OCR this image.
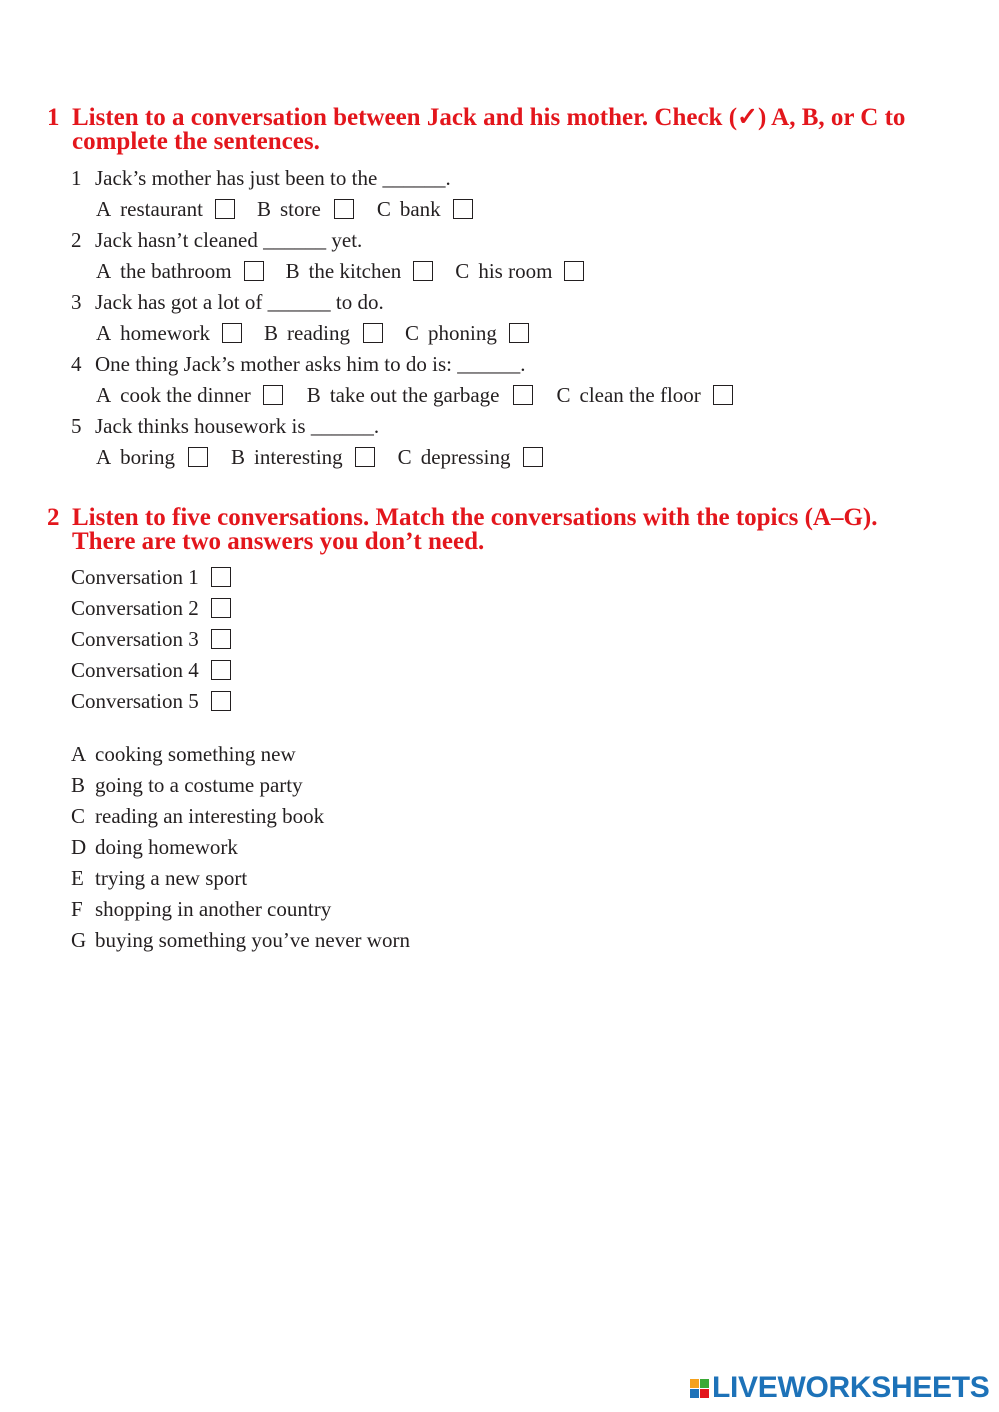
1 Listen to a conversation between Jack and his mother. Check (✓) A, B, or C to complete the sentences.
1 Jack’s mother has just been to the ______.
A restaurant	B store	C bank
2 Jack hasn’t cleaned ______ yet.
A the bathroom	B the kitchen	C his room
3 Jack has got a lot of ______ to do.
A homework	B reading	C phoning
4 One thing Jack’s mother asks him to do is: ______.
A cook the dinner	B take out the garbage	C clean the floor
5 Jack thinks housework is ______.
A boring	B interesting	C depressing
2 Listen to five conversations. Match the conversations with the topics (A–G). There are two answers you don’t need.
Conversation 1
Conversation 2
Conversation 3
Conversation 4
Conversation 5
A cooking something new
B going to a costume party
C reading an interesting book
D doing homework
E trying a new sport
F shopping in another country
G buying something you’ve never worn
LIVEWORKSHEETS
